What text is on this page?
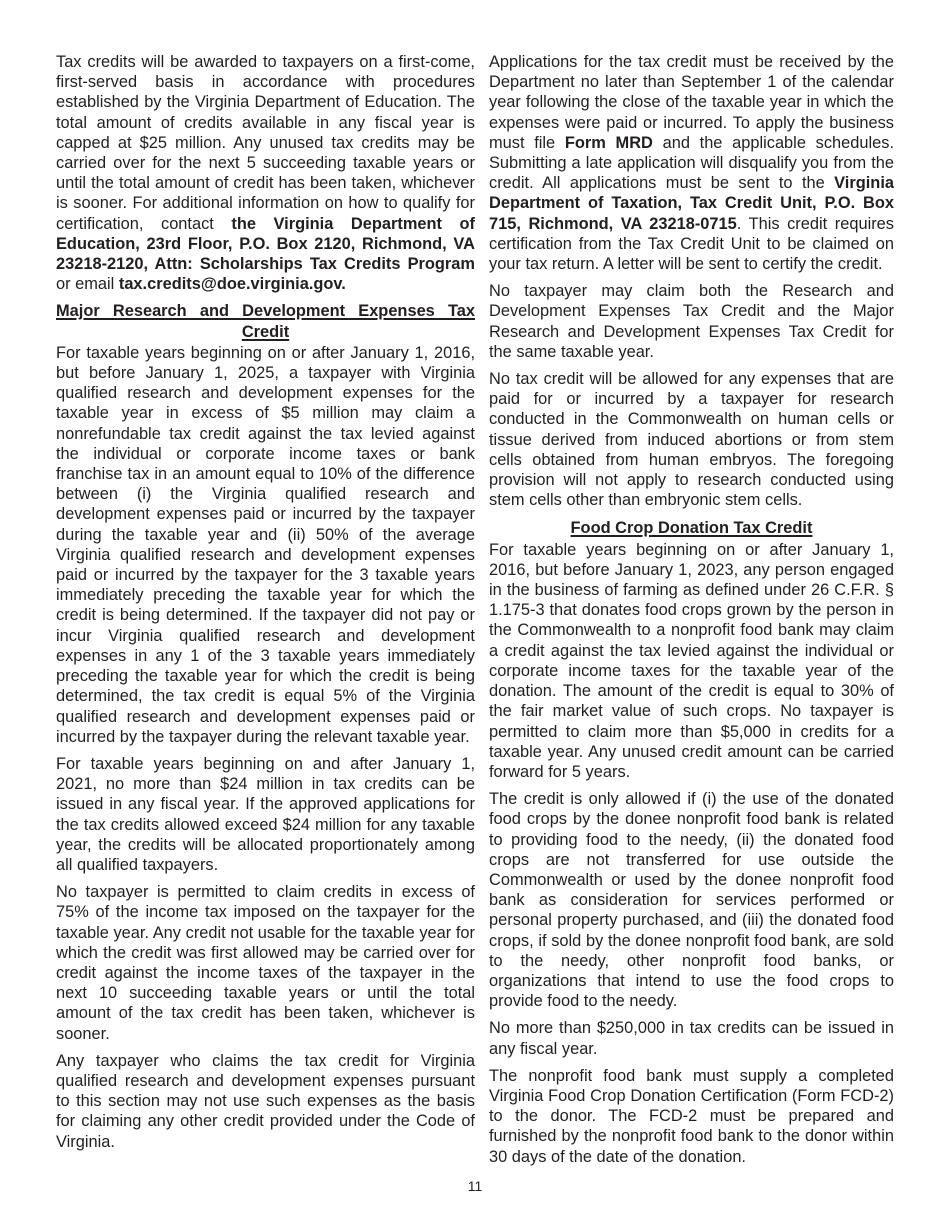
Tax credits will be awarded to taxpayers on a first-come, first-served basis in accordance with procedures established by the Virginia Department of Education. The total amount of credits available in any fiscal year is capped at $25 million. Any unused tax credits may be carried over for the next 5 succeeding taxable years or until the total amount of credit has been taken, whichever is sooner. For additional information on how to qualify for certification, contact the Virginia Department of Education, 23rd Floor, P.O. Box 2120, Richmond, VA 23218-2120, Attn: Scholarships Tax Credits Program or email tax.credits@doe.virginia.gov.

Major Research and Development Expenses Tax Credit

For taxable years beginning on or after January 1, 2016, but before January 1, 2025, a taxpayer with Virginia qualified research and development expenses for the taxable year in excess of $5 million may claim a nonrefundable tax credit against the tax levied against the individual or corporate income taxes or bank franchise tax in an amount equal to 10% of the difference between (i) the Virginia qualified research and development expenses paid or incurred by the taxpayer during the taxable year and (ii) 50% of the average Virginia qualified research and development expenses paid or incurred by the taxpayer for the 3 taxable years immediately preceding the taxable year for which the credit is being determined. If the taxpayer did not pay or incur Virginia qualified research and development expenses in any 1 of the 3 taxable years immediately preceding the taxable year for which the credit is being determined, the tax credit is equal 5% of the Virginia qualified research and development expenses paid or incurred by the taxpayer during the relevant taxable year.

For taxable years beginning on and after January 1, 2021, no more than $24 million in tax credits can be issued in any fiscal year. If the approved applications for the tax credits allowed exceed $24 million for any taxable year, the credits will be allocated proportionately among all qualified taxpayers.

No taxpayer is permitted to claim credits in excess of 75% of the income tax imposed on the taxpayer for the taxable year. Any credit not usable for the taxable year for which the credit was first allowed may be carried over for credit against the income taxes of the taxpayer in the next 10 succeeding taxable years or until the total amount of the tax credit has been taken, whichever is sooner.

Any taxpayer who claims the tax credit for Virginia qualified research and development expenses pursuant to this section may not use such expenses as the basis for claiming any other credit provided under the Code of Virginia.

Applications for the tax credit must be received by the Department no later than September 1 of the calendar year following the close of the taxable year in which the expenses were paid or incurred. To apply the business must file Form MRD and the applicable schedules. Submitting a late application will disqualify you from the credit. All applications must be sent to the Virginia Department of Taxation, Tax Credit Unit, P.O. Box 715, Richmond, VA 23218-0715. This credit requires certification from the Tax Credit Unit to be claimed on your tax return. A letter will be sent to certify the credit.

No taxpayer may claim both the Research and Development Expenses Tax Credit and the Major Research and Development Expenses Tax Credit for the same taxable year.

No tax credit will be allowed for any expenses that are paid for or incurred by a taxpayer for research conducted in the Commonwealth on human cells or tissue derived from induced abortions or from stem cells obtained from human embryos. The foregoing provision will not apply to research conducted using stem cells other than embryonic stem cells.

Food Crop Donation Tax Credit

For taxable years beginning on or after January 1, 2016, but before January 1, 2023, any person engaged in the business of farming as defined under 26 C.F.R. § 1.175-3 that donates food crops grown by the person in the Commonwealth to a nonprofit food bank may claim a credit against the tax levied against the individual or corporate income taxes for the taxable year of the donation. The amount of the credit is equal to 30% of the fair market value of such crops. No taxpayer is permitted to claim more than $5,000 in credits for a taxable year. Any unused credit amount can be carried forward for 5 years.

The credit is only allowed if (i) the use of the donated food crops by the donee nonprofit food bank is related to providing food to the needy, (ii) the donated food crops are not transferred for use outside the Commonwealth or used by the donee nonprofit food bank as consideration for services performed or personal property purchased, and (iii) the donated food crops, if sold by the donee nonprofit food bank, are sold to the needy, other nonprofit food banks, or organizations that intend to use the food crops to provide food to the needy.

No more than $250,000 in tax credits can be issued in any fiscal year.

The nonprofit food bank must supply a completed Virginia Food Crop Donation Certification (Form FCD-2) to the donor. The FCD-2 must be prepared and furnished by the nonprofit food bank to the donor within 30 days of the date of the donation.

11
